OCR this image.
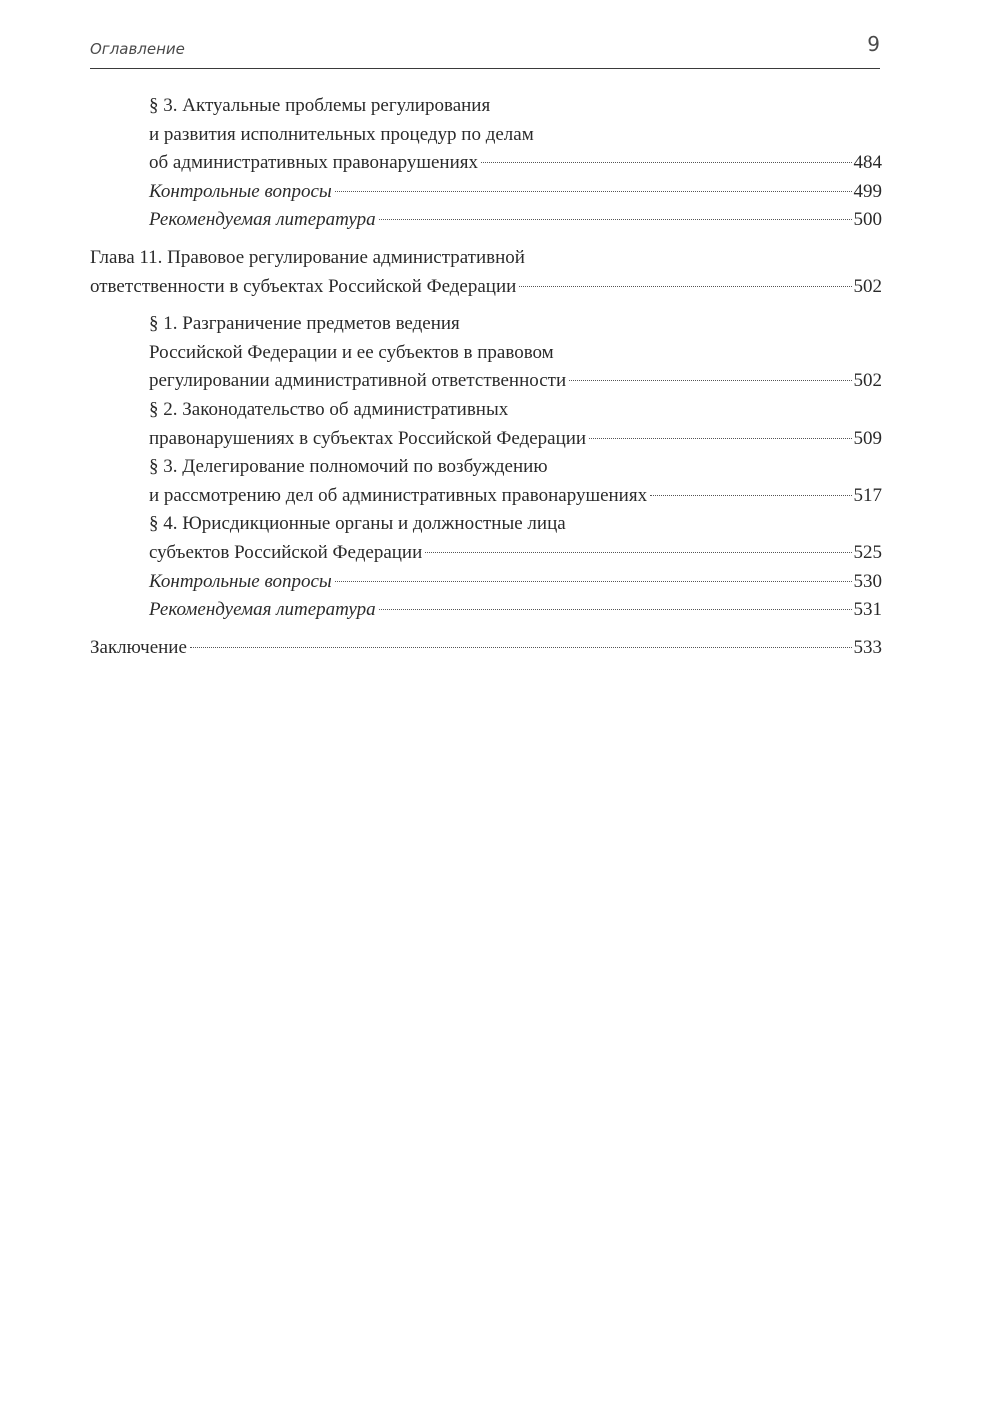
Оглавление	9
§ 3. Актуальные проблемы регулирования
и развития исполнительных процедур по делам
об административных правонарушениях	484
Контрольные вопросы	499
Рекомендуемая литература	500
Глава 11. Правовое регулирование административной
ответственности в субъектах Российской Федерации	502
§ 1. Разграничение предметов ведения
Российской Федерации и ее субъектов в правовом
регулировании административной ответственности	502
§ 2. Законодательство об административных
правонарушениях в субъектах Российской Федерации	509
§ 3. Делегирование полномочий по возбуждению
и рассмотрению дел об административных правонарушениях	517
§ 4. Юрисдикционные органы и должностные лица
субъектов Российской Федерации	525
Контрольные вопросы	530
Рекомендуемая литература	531
Заключение	533
